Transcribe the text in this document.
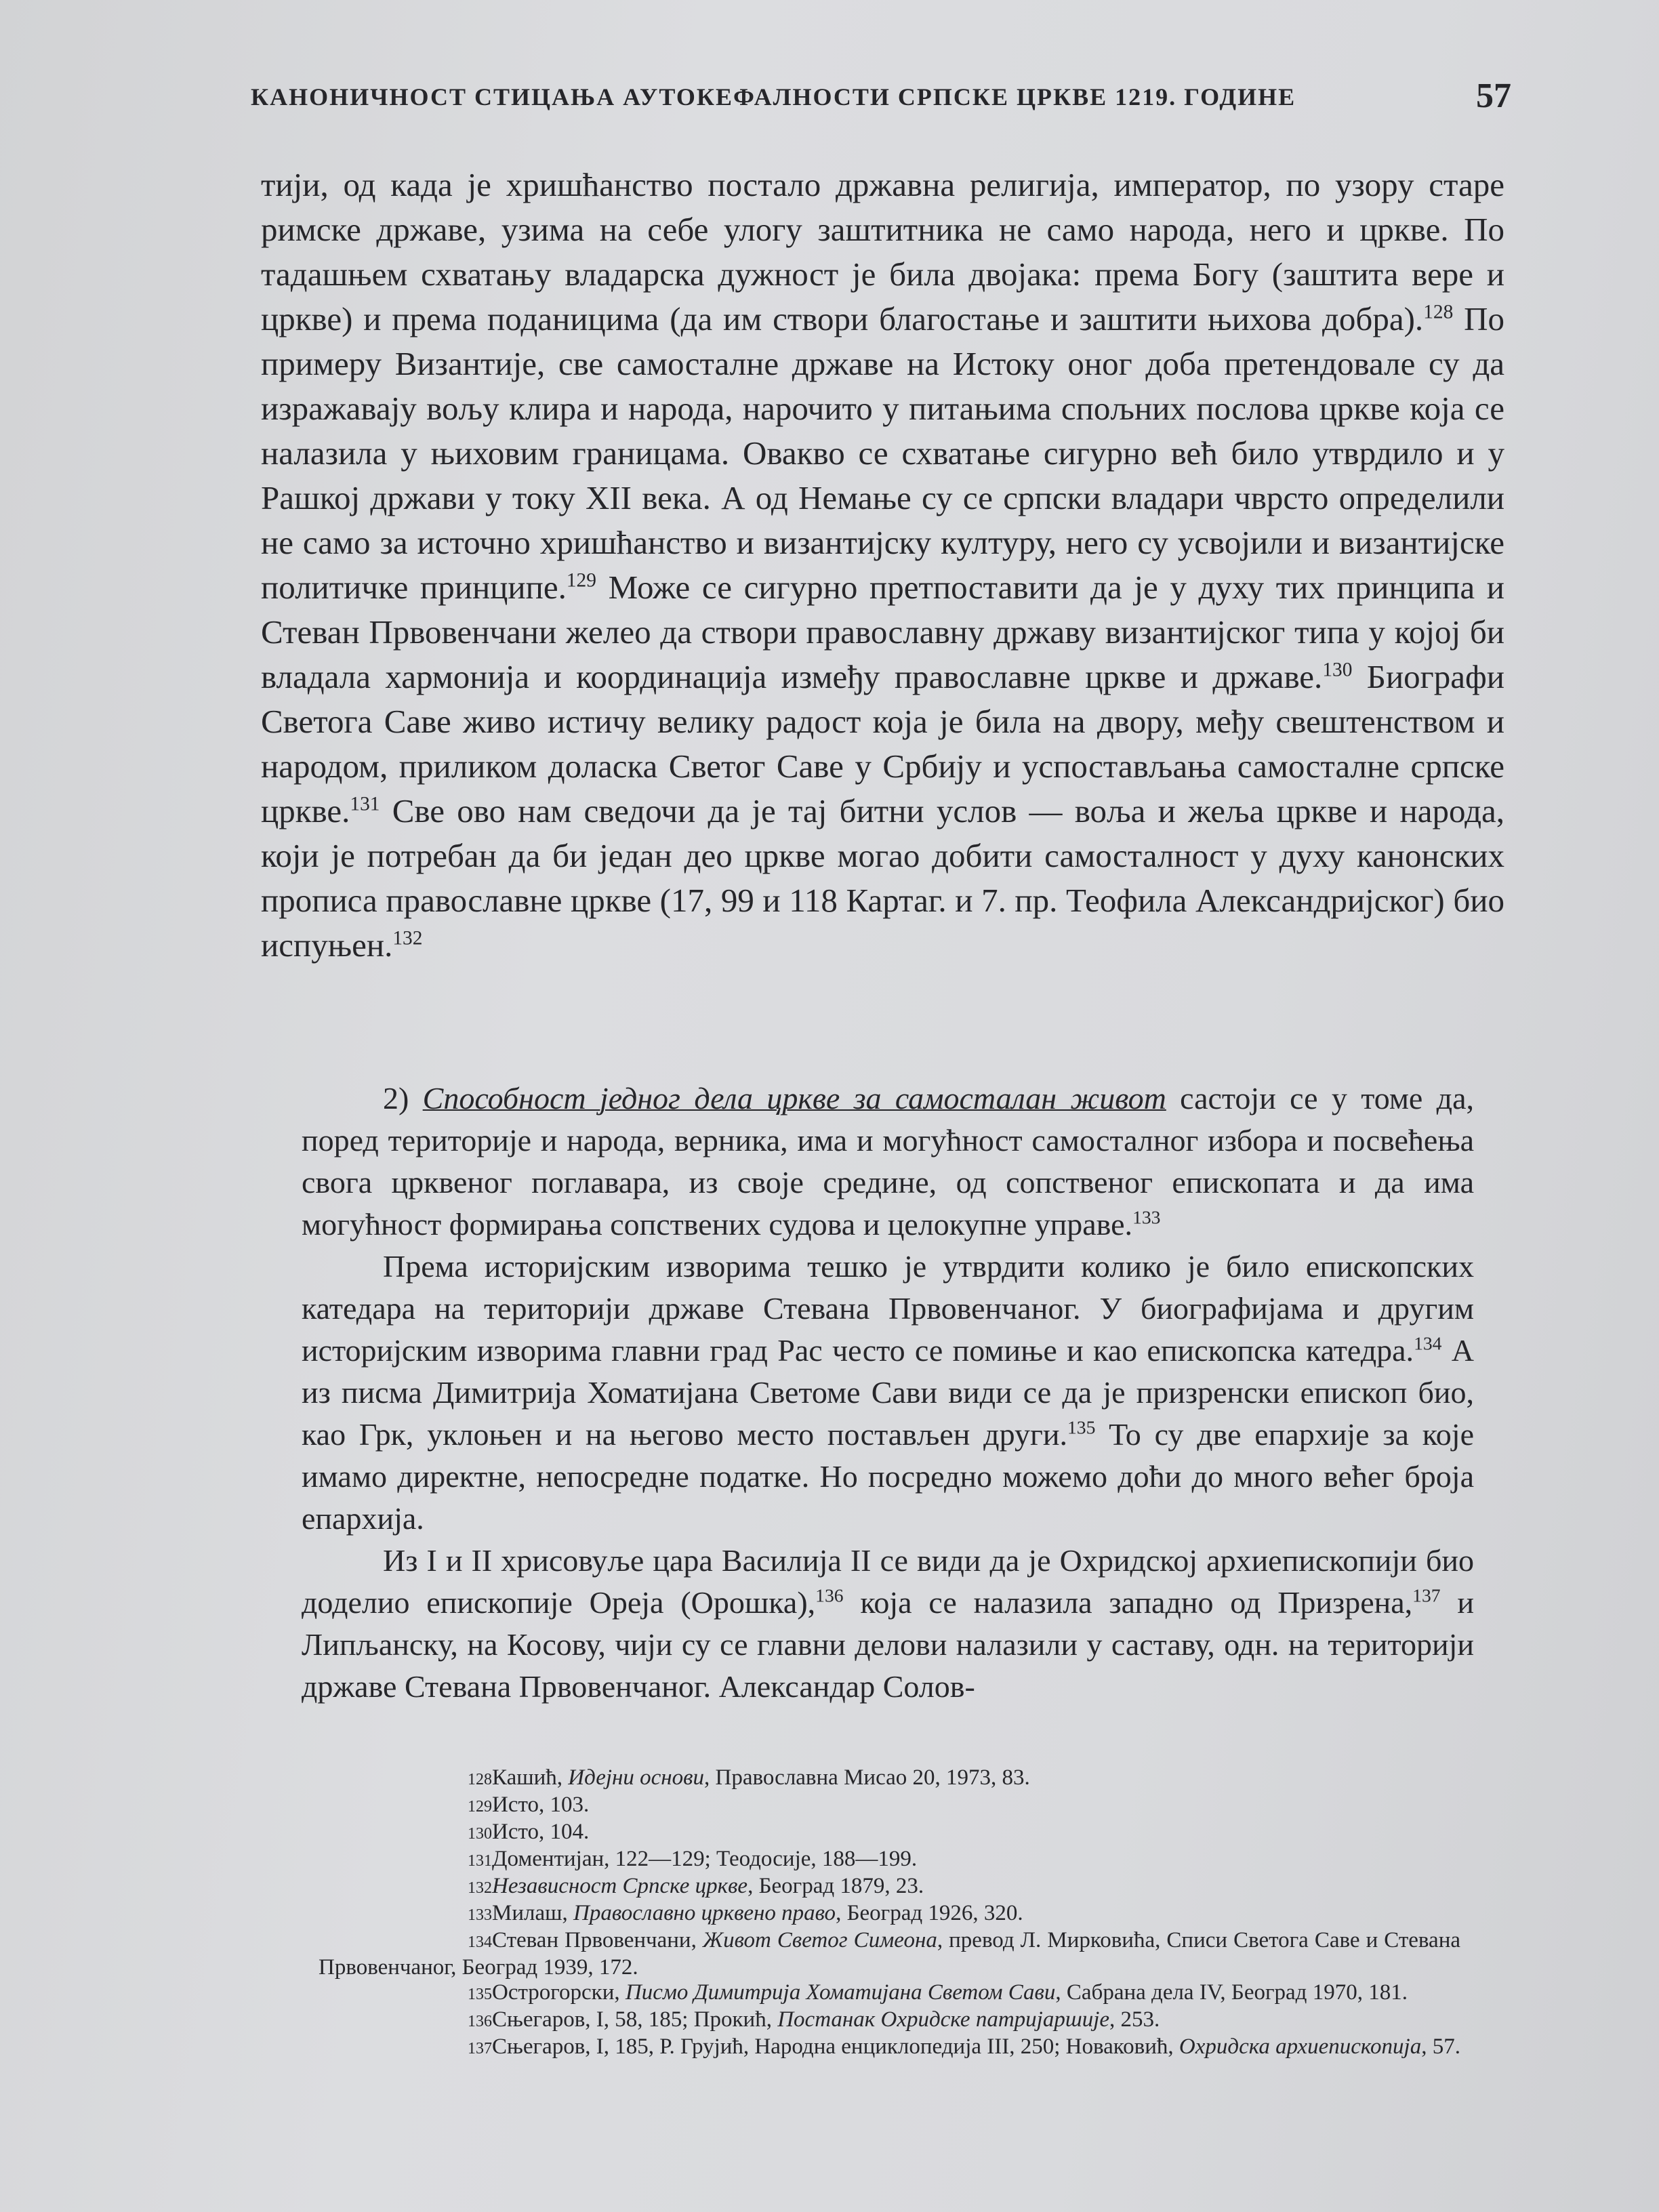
КАНОНИЧНОСТ СТИЦАЊА АУТОКЕФАЛНОСТИ СРПСКЕ ЦРКВЕ 1219. ГОДИНЕ	57

тији, од када је хришћанство постало државна религија, император, по узору старе римске државе, узима на себе улогу заштитника не само народа, него и цркве. По тадашњем схватању владарска дужност је била двојака: према Богу (заштита вере и цркве) и према поданицима (да им створи благостање и заштити њихова добра).$^{128}$ По примеру Византије, све самосталне државе на Истоку оног доба претендовале су да изражавају вољу клира и народа, нарочито у питањима спољних послова цркве која се налазила у њиховим границама. Овакво се схватање сигурно већ било утврдило и у Рашкој држави у току XII века. А од Немање су се српски владари чврсто определили не само за источно хришћанство и византијску културу, него су усвојили и византијске политичке принципе.$^{129}$ Може се сигурно претпоставити да је у духу тих принципа и Стеван Првовенчани желео да створи православну државу византијског типа у којој би владала хармонија и координација између православне цркве и државе.$^{130}$ Биографи Светога Саве живо истичу велику радост која је била на двору, међу свештенством и народом, приликом доласка Светог Саве у Србију и успостављања самосталне српске цркве.$^{131}$ Све ово нам сведочи да је тај битни услов — воља и жеља цркве и народа, који је потребан да би један део цркве могао добити самосталност у духу канонских прописа православне цркве (17, 99 и 118 Картаг. и 7. пр. Теофила Александријског) био испуњен.$^{132}$

2) Способност једног дела цркве за самосталан живот састоји се у томе да, поред територије и народа, верника, има и могућност самосталног избора и посвећења свога црквеног поглавара, из своје средине, од сопственог епископата и да има могућност формирања сопствених судова и целокупне управе.$^{133}$

Према историјским изворима тешко је утврдити колико је било епископских катедара на територији државе Стевана Првовенчаног. У биографијама и другим историјским изворима главни град Рас често се помиње и као епископска катедра.$^{134}$ А из писма Димитрија Хоматијана Светоме Сави види се да је призренски епископ био, као Грк, уклоњен и на његово место постављен други.$^{135}$ То су две епархије за које имамо директне, непосредне податке. Но посредно можемо доћи до много већег броја епархија.

Из I и II хрисовуље цара Василија II се види да је Охридској архиепископији био доделио епископије Ореја (Орошка),$^{136}$ која се налазила западно од Призрена,$^{137}$ и Липљанску, на Косову, чији су се главни делови налазили у саставу, одн. на територији државе Стевана Првовенчаног. Александар Солов-

128Кашић, Идејни основи, Православна Мисао 20, 1973, 83.

129Исто, 103.

130Исто, 104.

131Доментијан, 122—129; Теодосије, 188—199.

132Независност Српске цркве, Београд 1879, 23.

133Милаш, Православно црквено право, Београд 1926, 320.

134Стеван Првовенчани, Живот Светог Симеона, превод Л. Мирковића, Списи Светога Саве и Стевана Првовенчаног, Београд 1939, 172.

135Острогорски, Писмо Димитрија Хоматијана Светом Сави, Сабрана дела IV, Београд 1970, 181.

136Сњегаров, I, 58, 185; Прокић, Постанак Охридске патријаршије, 253.

137Сњегаров, I, 185, Р. Грујић, Народна енциклопедија III, 250; Новаковић, Охридска архиепископија, 57.
